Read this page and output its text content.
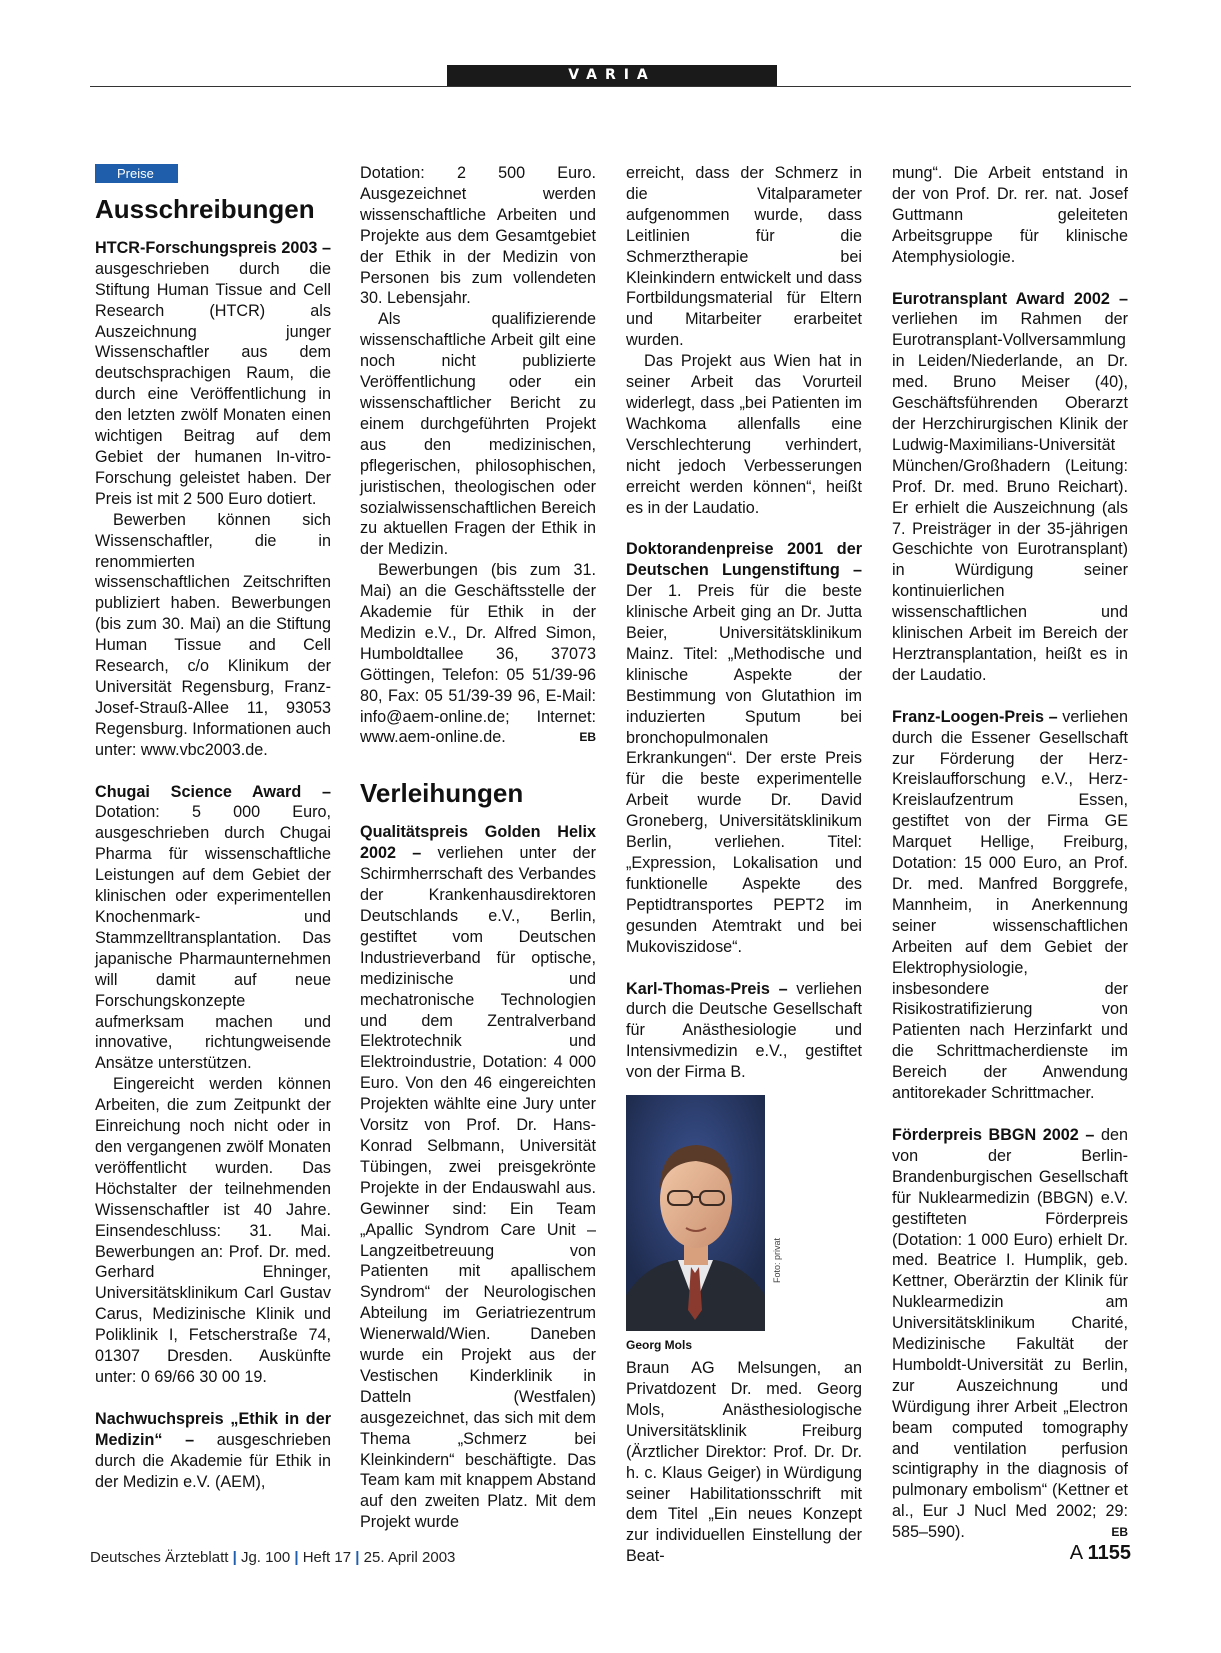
VARIA
Preise
Ausschreibungen

HTCR-Forschungspreis 2003 – ausgeschrieben durch die Stiftung Human Tissue and Cell Research (HTCR) als Auszeichnung junger Wissenschaftler aus dem deutschsprachigen Raum, die durch eine Veröffentlichung in den letzten zwölf Monaten einen wichtigen Beitrag auf dem Gebiet der humanen In-vitro-Forschung geleistet haben. Der Preis ist mit 2 500 Euro dotiert.

Bewerben können sich Wissenschaftler, die in renommierten wissenschaftlichen Zeitschriften publiziert haben. Bewerbungen (bis zum 30. Mai) an die Stiftung Human Tissue and Cell Research, c/o Klinikum der Universität Regensburg, Franz-Josef-Strauß-Allee 11, 93053 Regensburg. Informationen auch unter: www.vbc2003.de.

Chugai Science Award – Dotation: 5 000 Euro, ausgeschrieben durch Chugai Pharma für wissenschaftliche Leistungen auf dem Gebiet der klinischen oder experimentellen Knochenmark- und Stammzelltransplantation. Das japanische Pharmaunternehmen will damit auf neue Forschungskonzepte aufmerksam machen und innovative, richtungweisende Ansätze unterstützen.

Eingereicht werden können Arbeiten, die zum Zeitpunkt der Einreichung noch nicht oder in den vergangenen zwölf Monaten veröffentlicht wurden. Das Höchstalter der teilnehmenden Wissenschaftler ist 40 Jahre. Einsendeschluss: 31. Mai. Bewerbungen an: Prof. Dr. med. Gerhard Ehninger, Universitätsklinikum Carl Gustav Carus, Medizinische Klinik und Poliklinik I, Fetscherstraße 74, 01307 Dresden. Auskünfte unter: 0 69/66 30 00 19.

Nachwuchspreis „Ethik in der Medizin“ – ausgeschrieben durch die Akademie für Ethik in der Medizin e.V. (AEM),

Dotation: 2 500 Euro. Ausgezeichnet werden wissenschaftliche Arbeiten und Projekte aus dem Gesamtgebiet der Ethik in der Medizin von Personen bis zum vollendeten 30. Lebensjahr.

Als qualifizierende wissenschaftliche Arbeit gilt eine noch nicht publizierte Veröffentlichung oder ein wissenschaftlicher Bericht zu einem durchgeführten Projekt aus den medizinischen, pflegerischen, philosophischen, juristischen, theologischen oder sozialwissenschaftlichen Bereich zu aktuellen Fragen der Ethik in der Medizin.

Bewerbungen (bis zum 31. Mai) an die Geschäftsstelle der Akademie für Ethik in der Medizin e.V., Dr. Alfred Simon, Humboldtallee 36, 37073 Göttingen, Telefon: 05 51/39-96 80, Fax: 05 51/39-39 96, E-Mail: info@aem-online.de; Internet: www.aem-online.de.	EB

Verleihungen

Qualitätspreis Golden Helix 2002 – verliehen unter der Schirmherrschaft des Verbandes der Krankenhausdirektoren Deutschlands e.V., Berlin, gestiftet vom Deutschen Industrieverband für optische, medizinische und mechatronische Technologien und dem Zentralverband Elektrotechnik und Elektroindustrie, Dotation: 4 000 Euro. Von den 46 eingereichten Projekten wählte eine Jury unter Vorsitz von Prof. Dr. Hans-Konrad Selbmann, Universität Tübingen, zwei preisgekrönte Projekte in der Endauswahl aus. Gewinner sind: Ein Team „Apallic Syndrom Care Unit – Langzeitbetreuung von Patienten mit apallischem Syndrom“ der Neurologischen Abteilung im Geriatriezentrum Wienerwald/Wien. Daneben wurde ein Projekt aus der Vestischen Kinderklinik in Datteln (Westfalen) ausgezeichnet, das sich mit dem Thema „Schmerz bei Kleinkindern“ beschäftigte. Das Team kam mit knappem Abstand auf den zweiten Platz. Mit dem Projekt wurde

erreicht, dass der Schmerz in die Vitalparameter aufgenommen wurde, dass Leitlinien für die Schmerztherapie bei Kleinkindern entwickelt und dass Fortbildungsmaterial für Eltern und Mitarbeiter erarbeitet wurden.

Das Projekt aus Wien hat in seiner Arbeit das Vorurteil widerlegt, dass „bei Patienten im Wachkoma allenfalls eine Verschlechterung verhindert, nicht jedoch Verbesserungen erreicht werden können“, heißt es in der Laudatio.

Doktorandenpreise 2001 der Deutschen Lungenstiftung – Der 1. Preis für die beste klinische Arbeit ging an Dr. Jutta Beier, Universitätsklinikum Mainz. Titel: „Methodische und klinische Aspekte der Bestimmung von Glutathion im induzierten Sputum bei bronchopulmonalen Erkrankungen“. Der erste Preis für die beste experimentelle Arbeit wurde Dr. David Groneberg, Universitätsklinikum Berlin, verliehen. Titel: „Expression, Lokalisation und funktionelle Aspekte des Peptidtransportes PEPT2 im gesunden Atemtrakt und bei Mukoviszidose“.

Karl-Thomas-Preis – verliehen durch die Deutsche Gesellschaft für Anästhesiologie und Intensivmedizin e.V., gestiftet von der Firma B.

Foto: privat
Georg Mols

Braun AG Melsungen, an Privatdozent Dr. med. Georg Mols, Anästhesiologische Universitätsklinik Freiburg (Ärztlicher Direktor: Prof. Dr. Dr. h. c. Klaus Geiger) in Würdigung seiner Habilitationsschrift mit dem Titel „Ein neues Konzept zur individuellen Einstellung der Beat-

mung“. Die Arbeit entstand in der von Prof. Dr. rer. nat. Josef Guttmann geleiteten Arbeitsgruppe für klinische Atemphysiologie.

Eurotransplant Award 2002 – verliehen im Rahmen der Eurotransplant-Vollversammlung in Leiden/Niederlande, an Dr. med. Bruno Meiser (40), Geschäftsführenden Oberarzt der Herzchirurgischen Klinik der Ludwig-Maximilians-Universität München/Großhadern (Leitung: Prof. Dr. med. Bruno Reichart). Er erhielt die Auszeichnung (als 7. Preisträger in der 35-jährigen Geschichte von Eurotransplant) in Würdigung seiner kontinuierlichen wissenschaftlichen und klinischen Arbeit im Bereich der Herztransplantation, heißt es in der Laudatio.

Franz-Loogen-Preis – verliehen durch die Essener Gesellschaft zur Förderung der Herz-Kreislaufforschung e.V., Herz-Kreislaufzentrum Essen, gestiftet von der Firma GE Marquet Hellige, Freiburg, Dotation: 15 000 Euro, an Prof. Dr. med. Manfred Borggrefe, Mannheim, in Anerkennung seiner wissenschaftlichen Arbeiten auf dem Gebiet der Elektrophysiologie, insbesondere der Risikostratifizierung von Patienten nach Herzinfarkt und die Schrittmacherdienste im Bereich der Anwendung antitorekader Schrittmacher.

Förderpreis BBGN 2002 – den von der Berlin-Brandenburgischen Gesellschaft für Nuklearmedizin (BBGN) e.V. gestifteten Förderpreis (Dotation: 1 000 Euro) erhielt Dr. med. Beatrice I. Humplik, geb. Kettner, Oberärztin der Klinik für Nuklearmedizin am Universitätsklinikum Charité, Medizinische Fakultät der Humboldt-Universität zu Berlin, zur Auszeichnung und Würdigung ihrer Arbeit „Electron beam computed tomography and ventilation perfusion scintigraphy in the diagnosis of pulmonary embolism“ (Kettner et al., Eur J Nucl Med 2002; 29: 585–590).	EB

Deutsches Ärzteblatt | Jg. 100 | Heft 17 | 25. April 2003	A 1155
